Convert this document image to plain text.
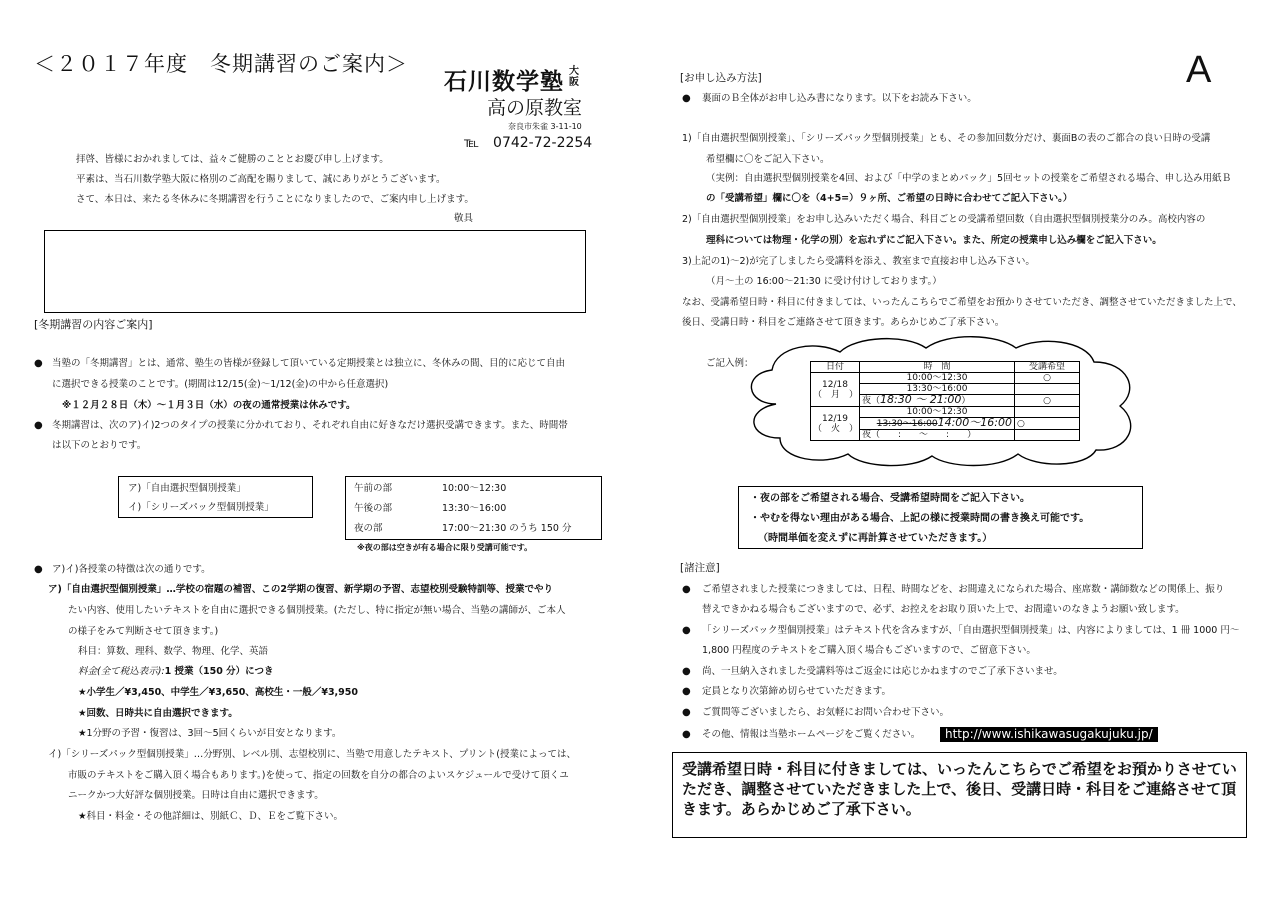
＜２０１７年度　冬期講習のご案内＞
石川数学塾 大阪
高の原教室
奈良市朱雀 3-11-10
℡　0742-72-2254
拝啓、皆様におかれましては、益々ご健勝のこととお慶び申し上げます。
平素は、当石川数学塾大阪に格別のご高配を賜りまして、誠にありがとうございます。
さて、本日は、来たる冬休みに冬期講習を行うことになりましたので、ご案内申し上げます。
敬具
[冬期講習の内容ご案内]
● 当塾の「冬期講習」とは、通常、塾生の皆様が登録して頂いている定期授業とは独立に、冬休みの間、目的に応じて自由
に選択できる授業のことです。(期間は12/15(金)～1/12(金)の中から任意選択)
※１２月２８日（木）～１月３日（水）の夜の通常授業は休みです。
● 冬期講習は、次のア)イ)2つのタイプの授業に分かれており、それぞれ自由に好きなだけ選択受講できます。また、時間帯
は以下のとおりです。
ア)「自由選択型個別授業」
イ)「シリーズパック型個別授業」
午前の部	10:00～12:30
午後の部	13:30～16:00
夜の部	17:00～21:30 のうち 150 分
※夜の部は空きが有る場合に限り受講可能です。
● ア)イ)各授業の特徴は次の通りです。
ア)「自由選択型個別授業」…学校の宿題の補習、この2学期の復習、新学期の予習、志望校別受験特訓等、授業でやり
たい内容、使用したいテキストを自由に選択できる個別授業。(ただし、特に指定が無い場合、当塾の講師が、ご本人
の様子をみて判断させて頂きます。)
科目：算数、理科、数学、物理、化学、英語
料金(全て税込表示):1 授業（150 分）につき
★小学生／¥3,450、中学生／¥3,650、高校生・一般／¥3,950
★回数、日時共に自由選択できます。
★1分野の予習・復習は、3回～5回くらいが目安となります。
イ)「シリーズパック型個別授業」…分野別、レベル別、志望校別に、当塾で用意したテキスト、プリント(授業によっては、
市販のテキストをご購入頂く場合もあります。)を使って、指定の回数を自分の都合のよいスケジュールで受けて頂くユ
ニークかつ大好評な個別授業。日時は自由に選択できます。
★科目・料金・その他詳細は、別紙Ｃ、Ｄ、Ｅをご覧下さい。
A
[お申し込み方法]
● 裏面のＢ全体がお申し込み書になります。以下をお読み下さい。
1)「自由選択型個別授業」、「シリーズパック型個別授業」とも、その参加回数分だけ、裏面Bの表のご都合の良い日時の受講
希望欄に〇をご記入下さい。
（実例：自由選択型個別授業を4回、および「中学のまとめパック」5回セットの授業をご希望される場合、申し込み用紙Ｂ
の「受講希望」欄に〇を（4+5=）９ヶ所、ご希望の日時に合わせてご記入下さい。）
2)「自由選択型個別授業」をお申し込みいただく場合、科目ごとの受講希望回数（自由選択型個別授業分のみ。高校内容の
理科については物理・化学の別）を忘れずにご記入下さい。また、所定の授業申し込み欄をご記入下さい。
3)上記の1)～2)が完了しましたら受講料を添え、教室まで直接お申し込み下さい。
（月～土の 16:00～21:30 に受け付けしております。）
なお、受講希望日時・科目に付きましては、いったんこちらでご希望をお預かりさせていただき、調整させていただきました上で、
後日、受講日時・科目をご連絡させて頂きます。あらかじめご了承下さい。
ご記入例：	日付	時　間	受講希望

12/18
（　月　）	10:00～12:30	○
	13:30～16:00	
	夜（18:30 ～ 21:00）	○

12/19
（　火　）	10:00～12:30	
	13:30～16:0014:00～16:00	○
	夜（　　:　　～　　:　　）	
・夜の部をご希望される場合、受講希望時間をご記入下さい。
・やむを得ない理由がある場合、上記の様に授業時間の書き換え可能です。
（時間単価を変えずに再計算させていただきます。）
[諸注意]
● ご希望されました授業につきましては、日程、時間などを、お間違えになられた場合、座席数・講師数などの関係上、振り
替えできかねる場合もございますので、必ず、お控えをお取り頂いた上で、お間違いのなきようお願い致します。
● 「シリーズパック型個別授業」はテキスト代を含みますが、「自由選択型個別授業」は、内容によりましては、1 冊 1000 円～
1,800 円程度のテキストをご購入頂く場合もございますので、ご留意下さい。
● 尚、一旦納入されました受講料等はご返金には応じかねますのでご了承下さいませ。
● 定員となり次第締め切らせていただきます。
● ご質問等ございましたら、お気軽にお問い合わせ下さい。
● その他、情報は当塾ホームページをご覧ください。	http://www.ishikawasugakujuku.jp/
受講希望日時・科目に付きましては、いったんこちらでご希望をお預かりさせていただき、調整させていただきました上で、後日、受講日時・科目をご連絡させて頂きます。あらかじめご了承下さい。
